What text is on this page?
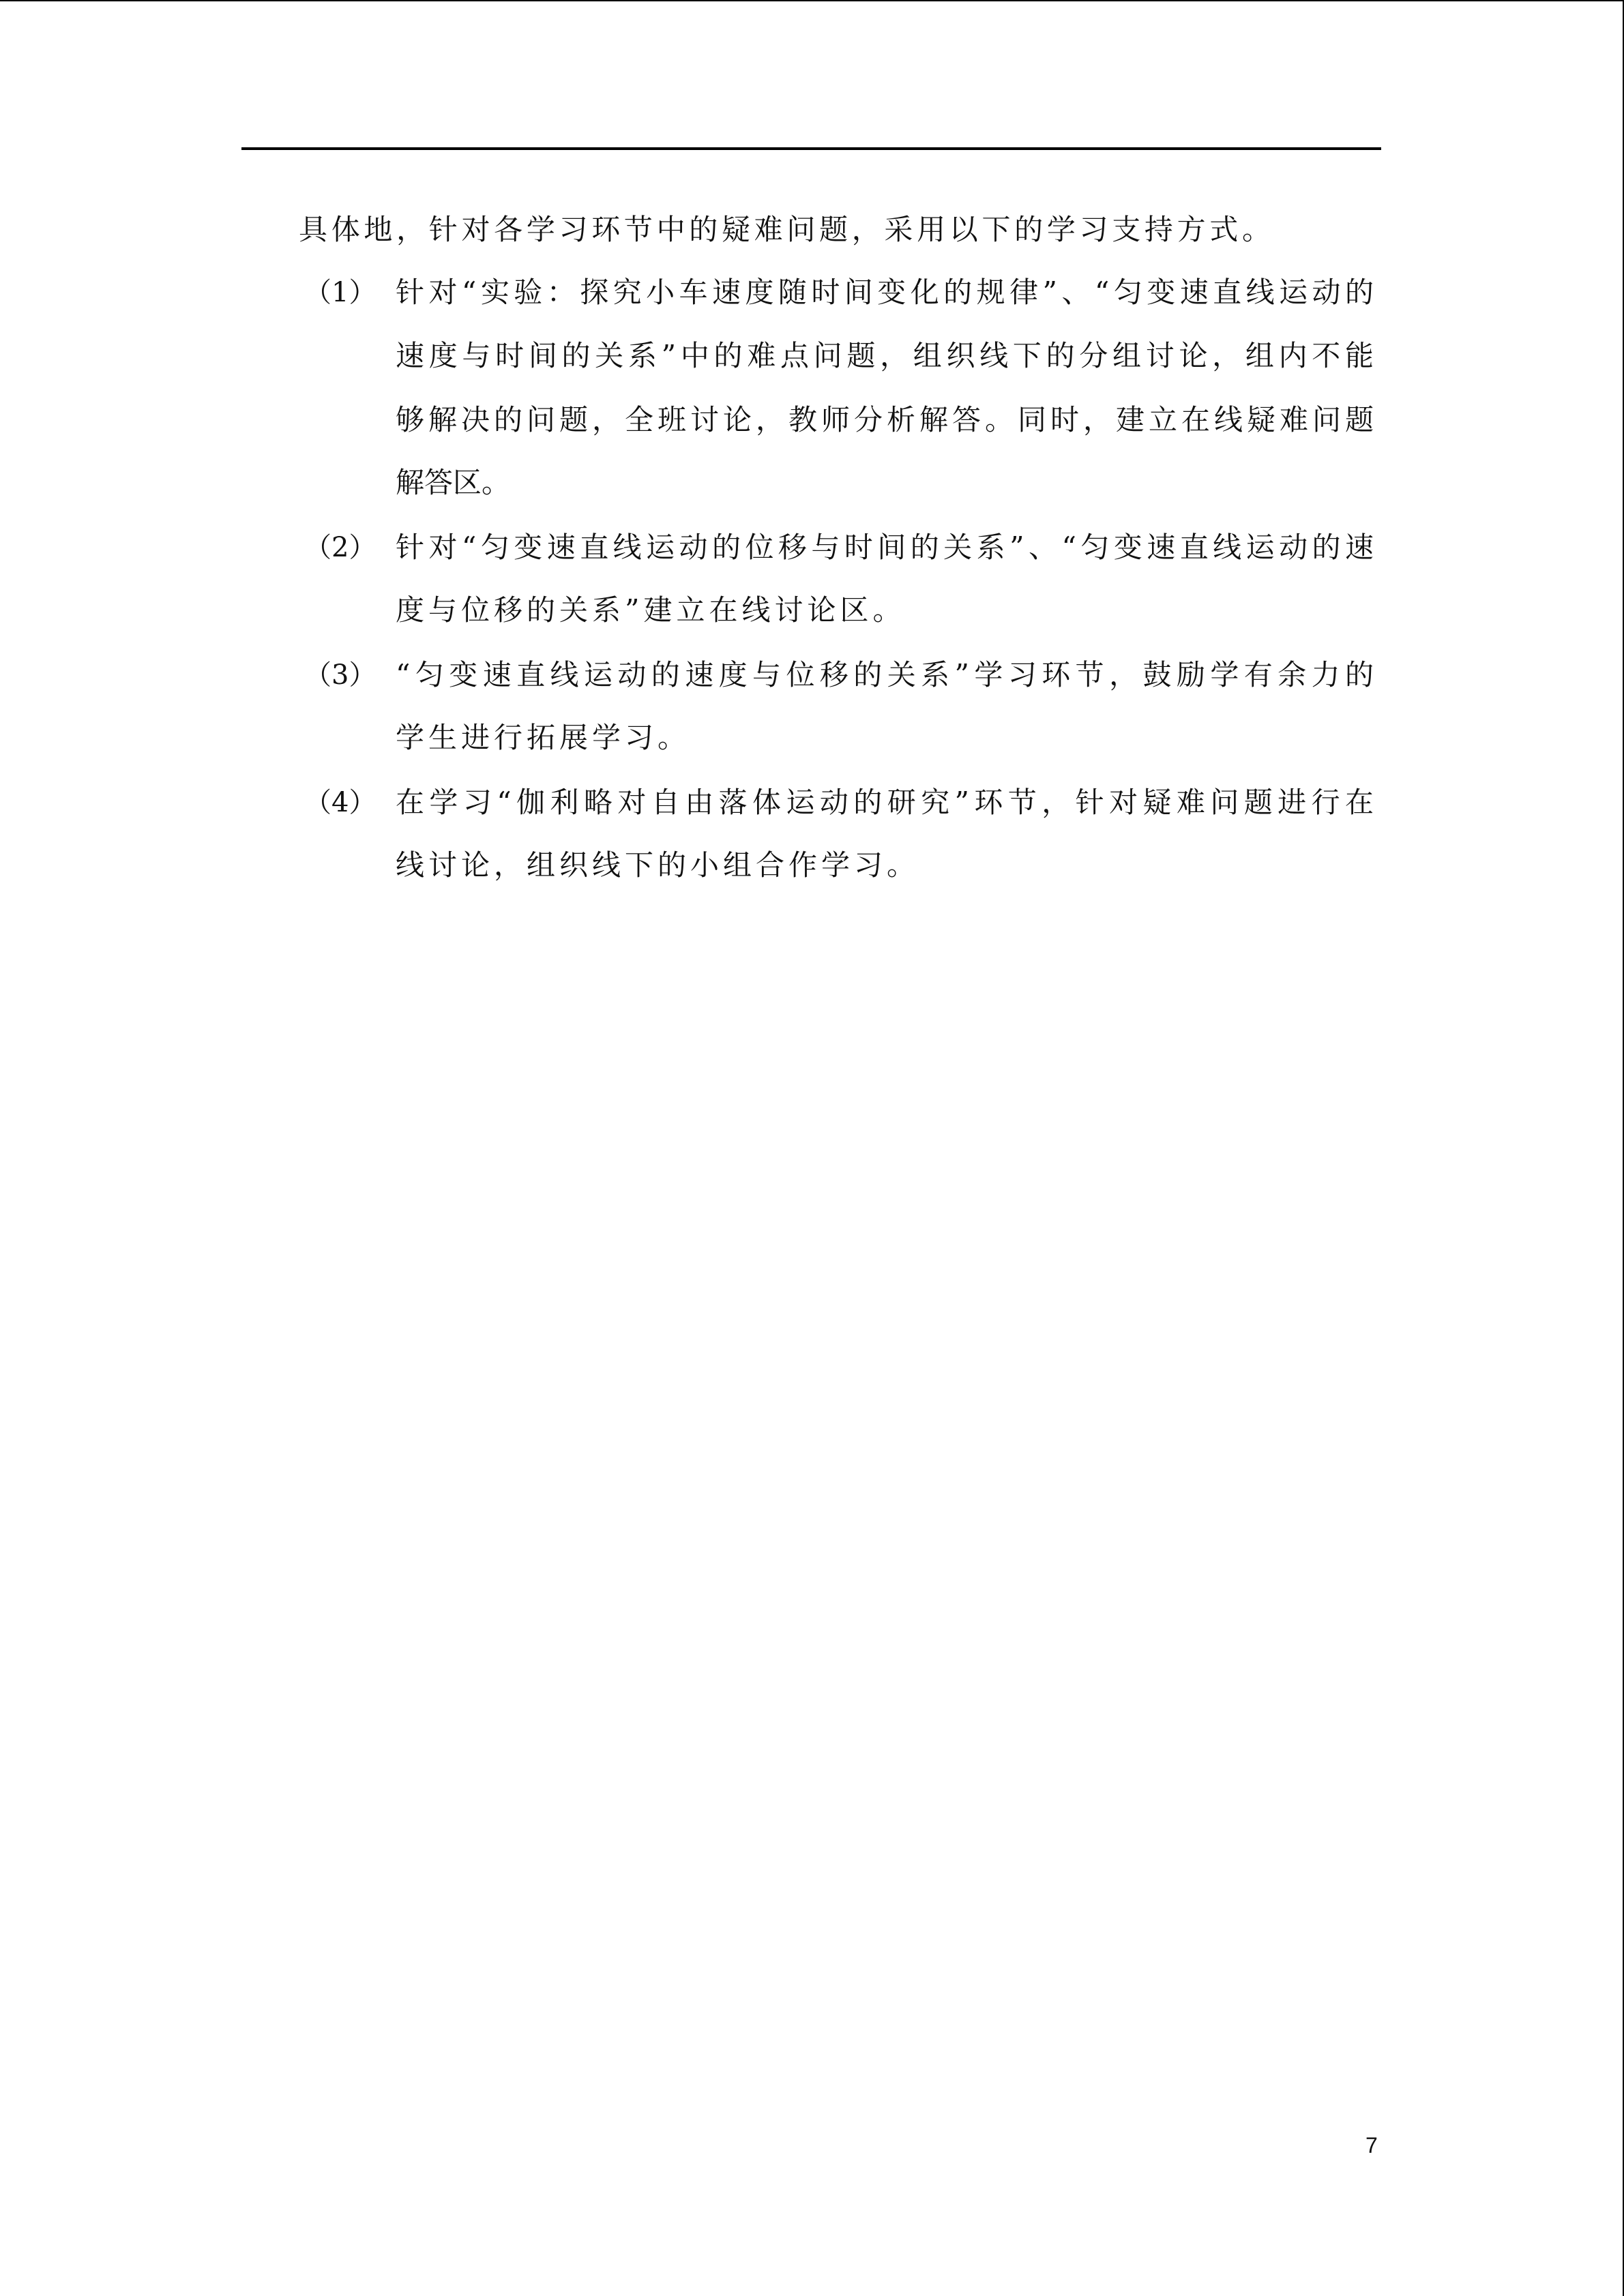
具体地，针对各学习环节中的疑难问题，采用以下的学习支持方式。
（1） 针对“实验：探究小车速度随时间变化的规律”、“匀变速直线运动的
速度与时间的关系”中的难点问题，组织线下的分组讨论，组内不能
够解决的问题，全班讨论，教师分析解答。同时，建立在线疑难问题
解答区。
（2） 针对“匀变速直线运动的位移与时间的关系”、“匀变速直线运动的速
度与位移的关系”建立在线讨论区。
（3） “匀变速直线运动的速度与位移的关系”学习环节，鼓励学有余力的
学生进行拓展学习。
（4） 在学习“伽利略对自由落体运动的研究”环节，针对疑难问题进行在
线讨论，组织线下的小组合作学习。
7
